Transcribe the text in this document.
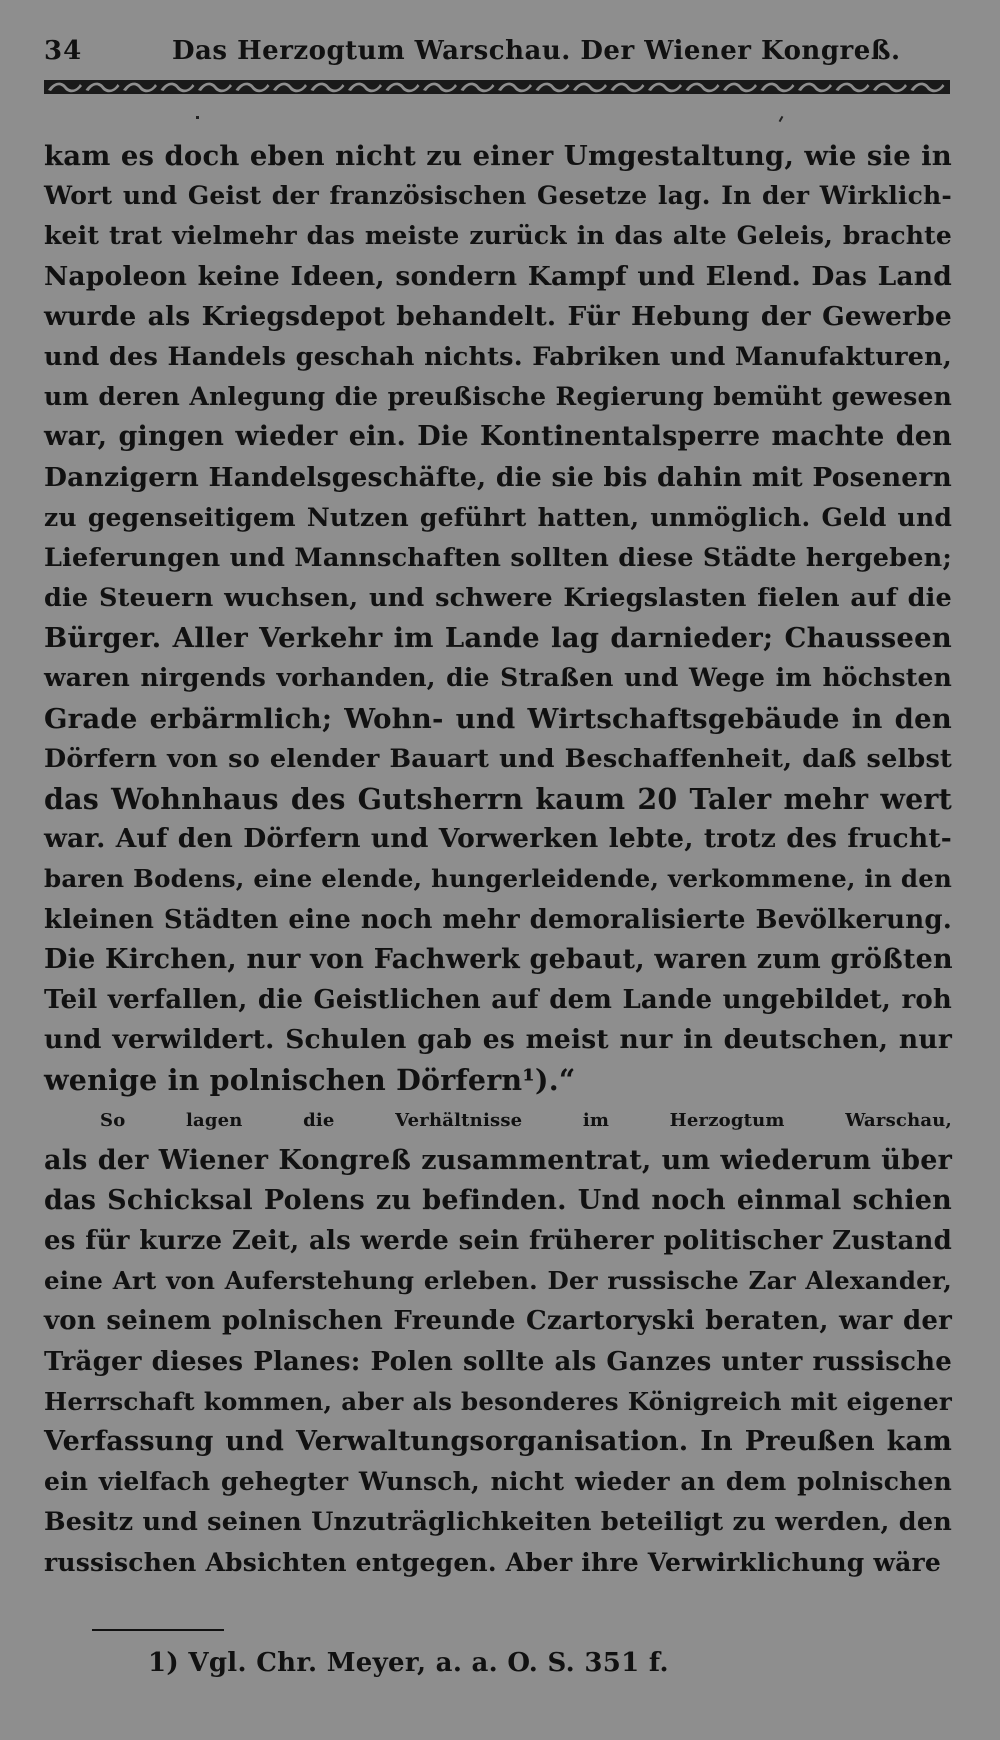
34	Das Herzogtum Warschau. Der Wiener Kongreß.
kam es doch eben nicht zu einer Umgestaltung, wie sie in
Wort und Geist der französischen Gesetze lag. In der Wirklich-
keit trat vielmehr das meiste zurück in das alte Geleis, brachte
Napoleon keine Ideen, sondern Kampf und Elend. Das Land
wurde als Kriegsdepot behandelt. Für Hebung der Gewerbe
und des Handels geschah nichts. Fabriken und Manufakturen,
um deren Anlegung die preußische Regierung bemüht gewesen
war, gingen wieder ein. Die Kontinentalsperre machte den
Danzigern Handelsgeschäfte, die sie bis dahin mit Posenern
zu gegenseitigem Nutzen geführt hatten, unmöglich. Geld und
Lieferungen und Mannschaften sollten diese Städte hergeben;
die Steuern wuchsen, und schwere Kriegslasten fielen auf die
Bürger. Aller Verkehr im Lande lag darnieder; Chausseen
waren nirgends vorhanden, die Straßen und Wege im höchsten
Grade erbärmlich; Wohn- und Wirtschaftsgebäude in den
Dörfern von so elender Bauart und Beschaffenheit, daß selbst
das Wohnhaus des Gutsherrn kaum 20 Taler mehr wert
war. Auf den Dörfern und Vorwerken lebte, trotz des frucht-
baren Bodens, eine elende, hungerleidende, verkommene, in den
kleinen Städten eine noch mehr demoralisierte Bevölkerung.
Die Kirchen, nur von Fachwerk gebaut, waren zum größten
Teil verfallen, die Geistlichen auf dem Lande ungebildet, roh
und verwildert. Schulen gab es meist nur in deutschen, nur
wenige in polnischen Dörfern¹).“
So lagen die Verhältnisse im Herzogtum Warschau,
als der Wiener Kongreß zusammentrat, um wiederum über
das Schicksal Polens zu befinden. Und noch einmal schien
es für kurze Zeit, als werde sein früherer politischer Zustand
eine Art von Auferstehung erleben. Der russische Zar Alexander,
von seinem polnischen Freunde Czartoryski beraten, war der
Träger dieses Planes: Polen sollte als Ganzes unter russische
Herrschaft kommen, aber als besonderes Königreich mit eigener
Verfassung und Verwaltungsorganisation. In Preußen kam
ein vielfach gehegter Wunsch, nicht wieder an dem polnischen
Besitz und seinen Unzuträglichkeiten beteiligt zu werden, den
russischen Absichten entgegen. Aber ihre Verwirklichung wäre
1) Vgl. Chr. Meyer, a. a. O. S. 351 f.
